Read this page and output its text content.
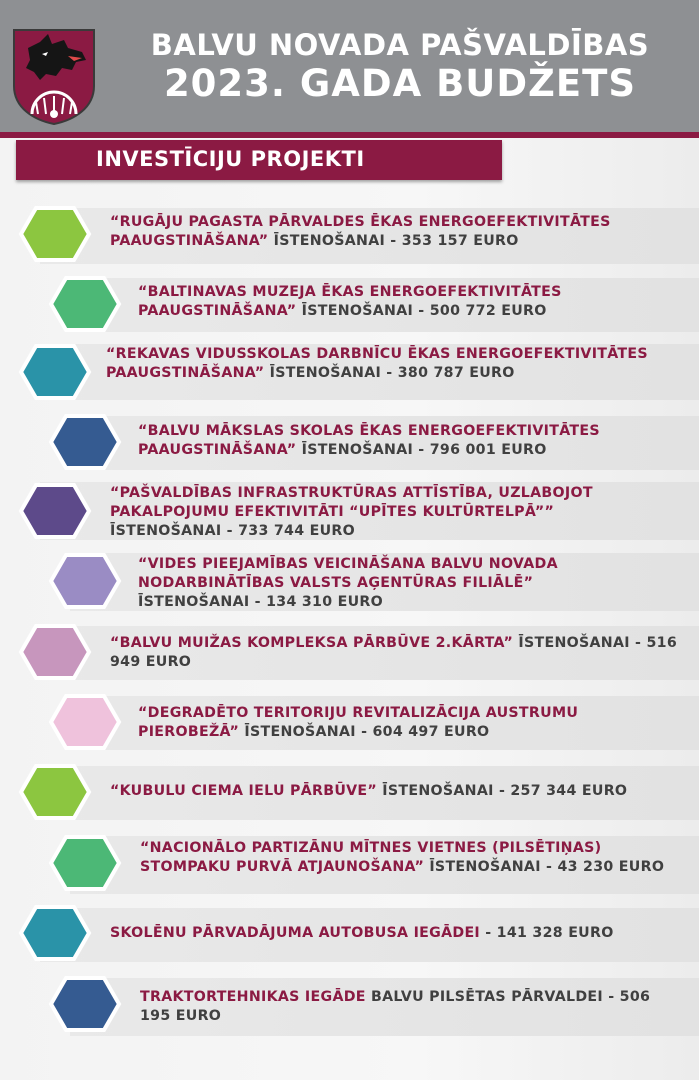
BALVU NOVADA PAŠVALDĪBAS
2023. GADA BUDŽETS
INVESTĪCIJU PROJEKTI
“RUGĀJU PAGASTA PĀRVALDES ĒKAS ENERGOEFEKTIVITĀTES PAAUGSTINĀŠANA” ĪSTENOŠANAI - 353 157 EURO
“BALTINAVAS MUZEJA ĒKAS ENERGOEFEKTIVITĀTES PAAUGSTINĀŠANA” ĪSTENOŠANAI - 500 772 EURO
“REKAVAS VIDUSSKOLAS DARBNĪCU ĒKAS ENERGOEFEKTIVITĀTES PAAUGSTINĀŠANA” ĪSTENOŠANAI - 380 787 EURO
“BALVU MĀKSLAS SKOLAS ĒKAS ENERGOEFEKTIVITĀTES PAAUGSTINĀŠANA” ĪSTENOŠANAI - 796 001 EURO
“PAŠVALDĪBAS INFRASTRUKTŪRAS ATTĪSTĪBA, UZLABOJOT PAKALPOJUMU EFEKTIVITĀTI “UPĪTES KULTŪRTELPĀ”” ĪSTENOŠANAI - 733 744 EURO
“VIDES PIEEJAMĪBAS VEICINĀŠANA BALVU NOVADA NODARBINĀTĪBAS VALSTS AĢENTŪRAS FILIĀLĒ” ĪSTENOŠANAI - 134 310 EURO
“BALVU MUIŽAS KOMPLEKSA PĀRBŪVE 2.KĀRTA” ĪSTENOŠANAI - 516 949 EURO
“DEGRADĒTO TERITORIJU REVITALIZĀCIJA AUSTRUMU PIEROBEŽĀ” ĪSTENOŠANAI - 604 497 EURO
“KUBULU CIEMA IELU PĀRBŪVE” ĪSTENOŠANAI - 257 344 EURO
“NACIONĀLO PARTIZĀNU MĪTNES VIETNES (PILSĒTIŅAS) STOMPAKU PURVĀ ATJAUNOŠANA” ĪSTENOŠANAI - 43 230 EURO
SKOLĒNU PĀRVADĀJUMA AUTOBUSA IEGĀDEI - 141 328 EURO
TRAKTORTEHNIKAS IEGĀDE BALVU PILSĒTAS PĀRVALDEI - 506 195 EURO
